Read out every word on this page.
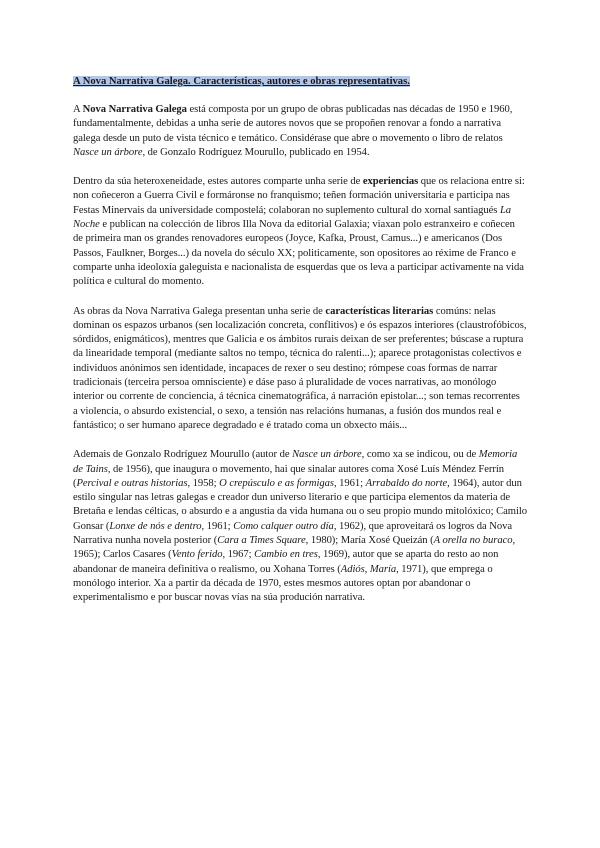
A Nova Narrativa Galega. Características, autores e obras representativas.

A Nova Narrativa Galega está composta por un grupo de obras publicadas nas décadas de 1950 e 1960, fundamentalmente, debidas a unha serie de autores novos que se propoñen renovar a fondo a narrativa galega desde un puto de vista técnico e temático. Considérase que abre o movemento o libro de relatos Nasce un árbore, de Gonzalo Rodríguez Mourullo, publicado en 1954.

Dentro da súa heteroxeneidade, estes autores comparte unha serie de experiencias que os relaciona entre si: non coñeceron a Guerra Civil e formáronse no franquismo; teñen formación universitaria e participa nas Festas Minervais da universidade compostelá; colaboran no suplemento cultural do xornal santiagués La Noche e publican na colección de libros Illa Nova da editorial Galaxia; viaxan polo estranxeiro e coñecen de primeira man os grandes renovadores europeos (Joyce, Kafka, Proust, Camus...) e americanos (Dos Passos, Faulkner, Borges...) da novela do século XX; politicamente, son opositores ao réxime de Franco e comparte unha ideoloxía galeguista e nacionalista de esquerdas que os leva a participar activamente na vida política e cultural do momento.

As obras da Nova Narrativa Galega presentan unha serie de características literarias comúns: nelas dominan os espazos urbanos (sen localización concreta, conflitivos) e ós espazos interiores (claustrofóbicos, sórdidos, enigmáticos), mentres que Galicia e os ámbitos rurais deixan de ser preferentes; búscase a ruptura da linearidade temporal (mediante saltos no tempo, técnica do ralenti...); aparece protagonistas colectivos e individuos anónimos sen identidade, incapaces de rexer o seu destino; rómpese coas formas de narrar tradicionais (terceira persoa omnisciente) e dáse paso á pluralidade de voces narrativas, ao monólogo interior ou corrente de conciencia, á técnica cinematográfica, á narración epistolar...; son temas recorrentes a violencia, o absurdo existencial, o sexo, a tensión nas relacións humanas, a fusión dos mundos real e fantástico; o ser humano aparece degradado e é tratado coma un obxecto máis...

Ademais de Gonzalo Rodríguez Mourullo (autor de Nasce un árbore, como xa se indicou, ou de Memoria de Tains, de 1956), que inaugura o movemento, hai que sinalar autores coma Xosé Luís Méndez Ferrín (Percival e outras historias, 1958; O crepúsculo e as formigas, 1961; Arrabaldo do norte, 1964), autor dun estilo singular nas letras galegas e creador dun universo literario e que participa elementos da materia de Bretaña e lendas célticas, o absurdo e a angustia da vida humana ou o seu propio mundo mitolóxico; Camilo Gonsar (Lonxe de nós e dentro, 1961; Como calquer outro día, 1962), que aproveitará os logros da Nova Narrativa nunha novela posterior (Cara a Times Square, 1980); María Xosé Queizán (A orella no buraco, 1965); Carlos Casares (Vento ferido, 1967; Cambio en tres, 1969), autor que se aparta do resto ao non abandonar de maneira definitiva o realismo, ou Xohana Torres (Adiós, María, 1971), que emprega o monólogo interior. Xa a partir da década de 1970, estes mesmos autores optan por abandonar o experimentalismo e por buscar novas vías na súa produción narrativa.
